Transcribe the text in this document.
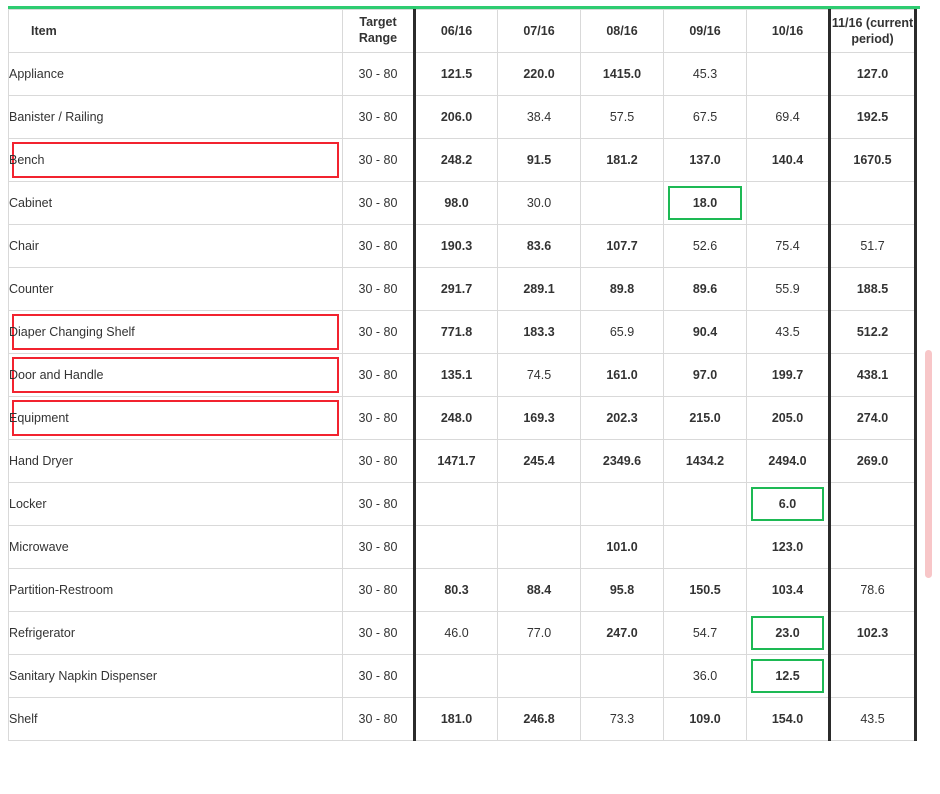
Item	Target Range	06/16	07/16	08/16	09/16	10/16	11/16 (current period)
Appliance	30 - 80	121.5	220.0	1415.0	45.3		127.0
Banister / Railing	30 - 80	206.0	38.4	57.5	67.5	69.4	192.5

Bench	30 - 80	248.2	91.5	181.2	137.0	140.4	1670.5
Cabinet	30 - 80	98.0	30.0		18.0		

Chair	30 - 80	190.3	83.6	107.7	52.6	75.4	51.7
Counter	30 - 80	291.7	289.1	89.8	89.6	55.9	188.5

Diaper Changing Shelf	30 - 80	771.8	183.3	65.9	90.4	43.5	512.2

Door and Handle	30 - 80	135.1	74.5	161.0	97.0	199.7	438.1

Equipment	30 - 80	248.0	169.3	202.3	215.0	205.0	274.0
Hand Dryer	30 - 80	1471.7	245.4	2349.6	1434.2	2494.0	269.0
Locker	30 - 80					6.0	

Microwave	30 - 80			101.0		123.0	
Partition-Restroom	30 - 80	80.3	88.4	95.8	150.5	103.4	78.6
Refrigerator	30 - 80	46.0	77.0	247.0	54.7	23.0	102.3
Sanitary Napkin Dispenser	30 - 80				36.0	12.5	

Shelf	30 - 80	181.0	246.8	73.3	109.0	154.0	43.5
